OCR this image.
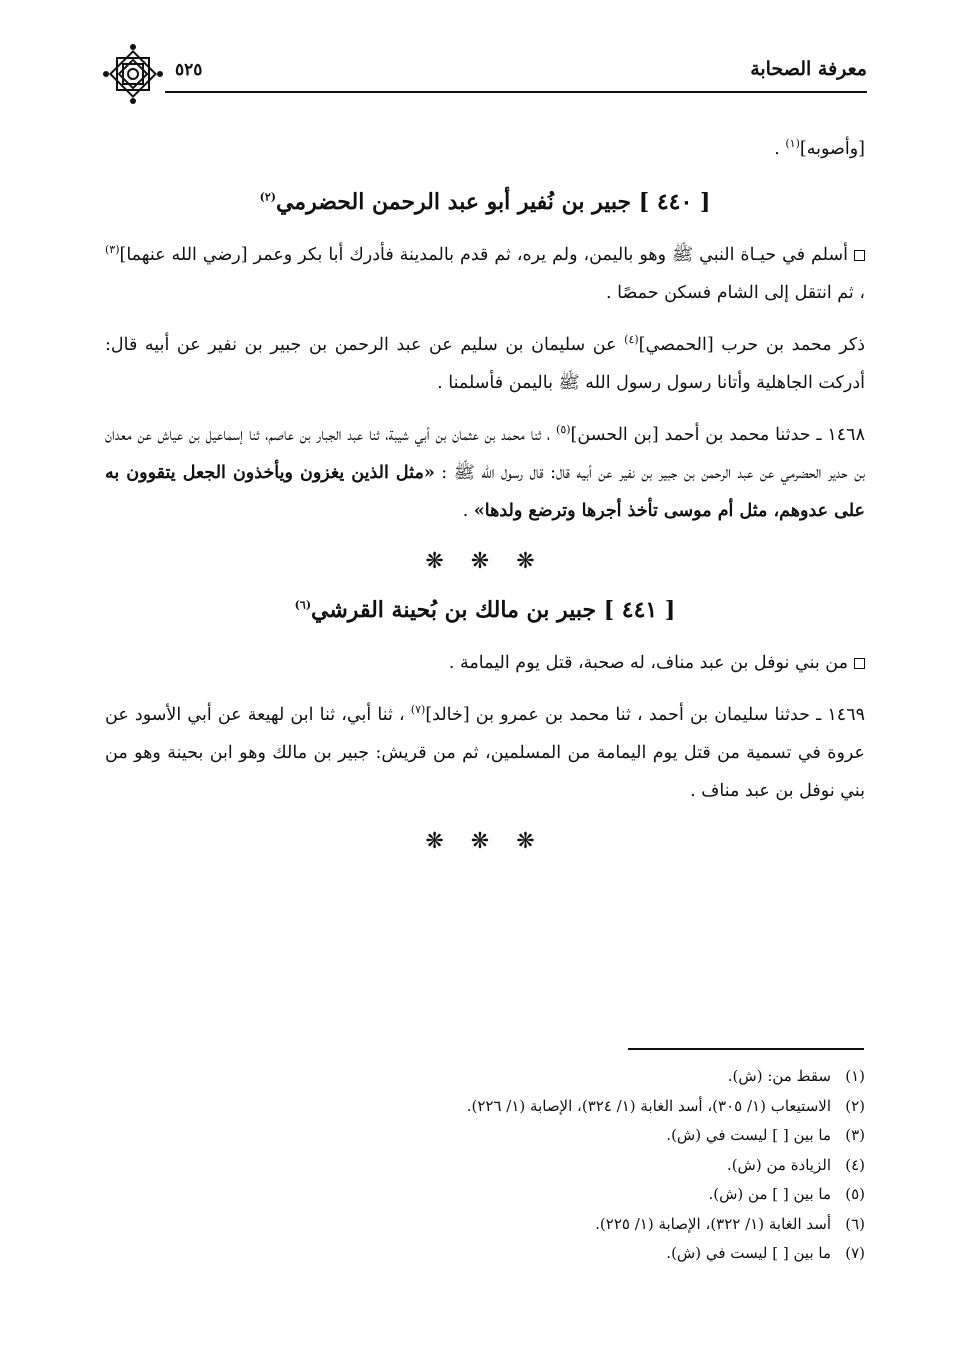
معرفة الصحابة
٥٢٥

[وأصوبه]$^{(١)}$ .

[ ٤٤٠ ] جبير بن نُفير أبو عبد الرحمن الحضرمي$^{(٢)}$

أسلم في حيـاة النبي ﷺ وهو باليمن، ولم يره، ثم قدم بالمدينة فأدرك أبا بكر وعمر [رضي الله عنهما]$^{(٣)}$ ، ثم انتقل إلى الشام فسكن حمصًا .

ذكر محمد بن حرب [الحمصي]$^{(٤)}$ عن سليمان بن سليم عن عبد الرحمن بن جبير بن نفير عن أبيه قال: أدركت الجاهلية وأتانا رسول رسول الله ﷺ باليمن فأسلمنا .

١٤٦٨ ـ حدثنا محمد بن أحمد [بن الحسن]$^{(٥)}$ ، ثنا محمد بن عثمان بن أبي شيبة، ثنا عبد الجبار بن عاصم، ثنا إسماعيل بن عياش عن معدان بن حدير الحضرمي عن عبد الرحمن بن جبير بن نفير عن أبيه قال: قال رسول الله ﷺ : «مثل الذين يغزون ويأخذون الجعل يتقوون به على عدوهم، مثل أم موسى تأخذ أجرها وترضع ولدها» .

❋ ❋ ❋

[ ٤٤١ ] جبير بن مالك بن بُحينة القرشي$^{(٦)}$

من بني نوفل بن عبد مناف، له صحبة، قتل يوم اليمامة .

١٤٦٩ ـ حدثنا سليمان بن أحمد ، ثنا محمد بن عمرو بن [خالد]$^{(٧)}$ ، ثنا أبي، ثنا ابن لهيعة عن أبي الأسود عن عروة في تسمية من قتل يوم اليمامة من المسلمين، ثم من قريش: جبير بن مالك وهو ابن بحينة وهو من بني نوفل بن عبد مناف .

❋ ❋ ❋

(١)سقط من: (ش).
(٢)الاستيعاب (١/ ٣٠٥)، أسد الغابة (١/ ٣٢٤)، الإصابة (١/ ٢٢٦).
(٣)ما بين [ ] ليست في (ش).
(٤)الزيادة من (ش).
(٥)ما بين [ ] من (ش).
(٦)أسد الغابة (١/ ٣٢٢)، الإصابة (١/ ٢٢٥).
(٧)ما بين [ ] ليست في (ش).
